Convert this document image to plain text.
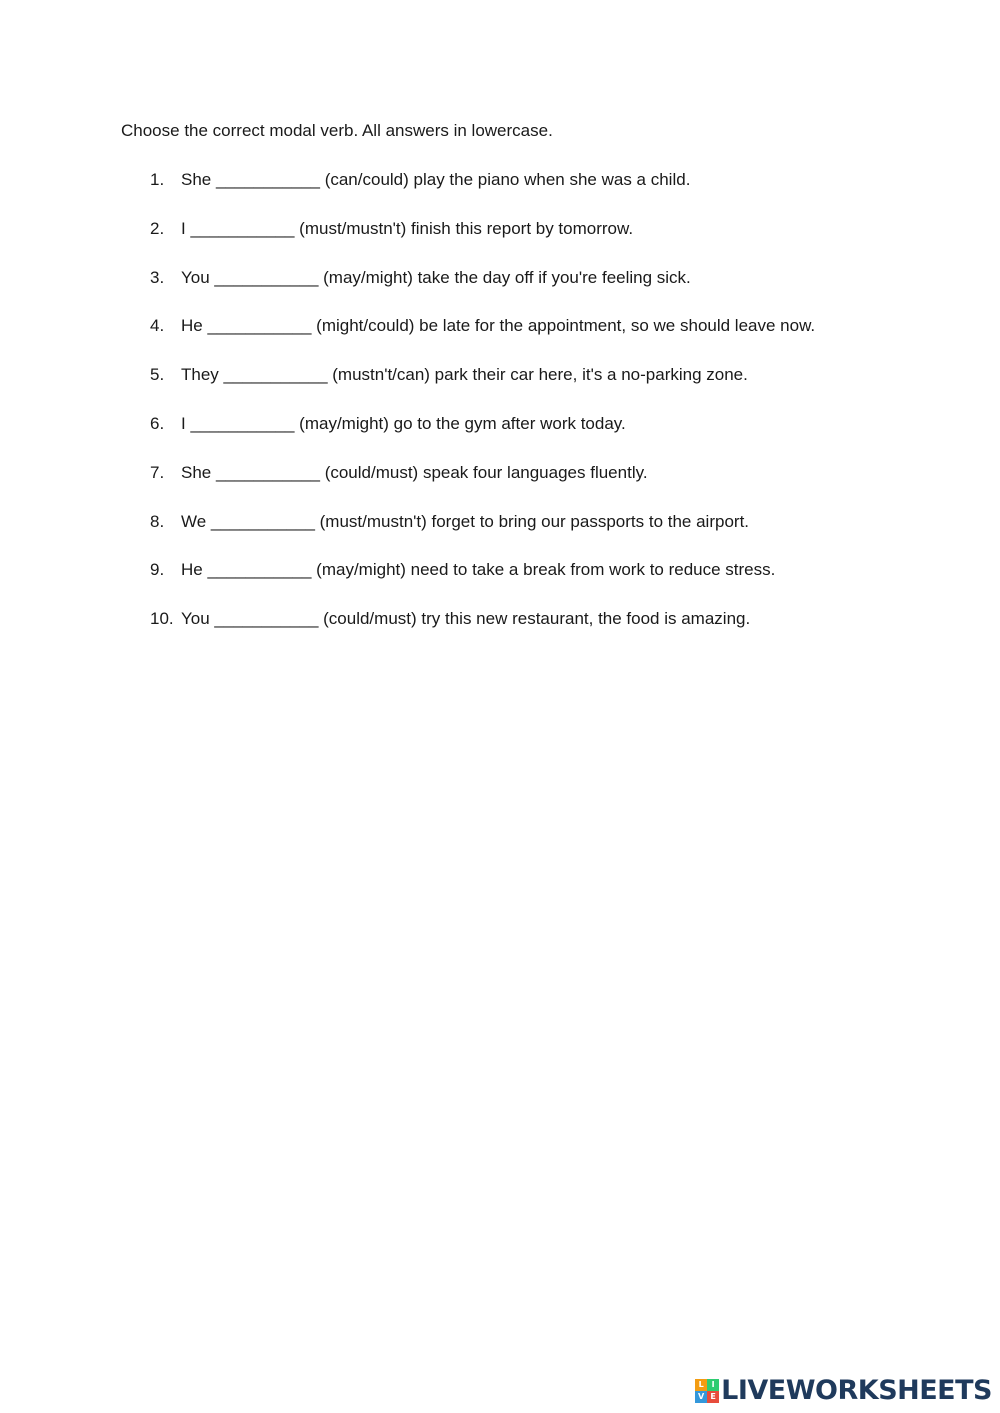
Choose the correct modal verb. All answers in lowercase.
1. She ___________ (can/could) play the piano when she was a child.
2. I ___________ (must/mustn't) finish this report by tomorrow.
3. You ___________ (may/might) take the day off if you're feeling sick.
4. He ___________ (might/could) be late for the appointment, so we should leave now.
5. They ___________ (mustn't/can) park their car here, it's a no-parking zone.
6. I ___________ (may/might) go to the gym after work today.
7. She ___________ (could/must) speak four languages fluently.
8. We ___________ (must/mustn't) forget to bring our passports to the airport.
9. He ___________ (may/might) need to take a break from work to reduce stress.
10. You ___________ (could/must) try this new restaurant, the food is amazing.
L I
V E LIVEWORKSHEETS
